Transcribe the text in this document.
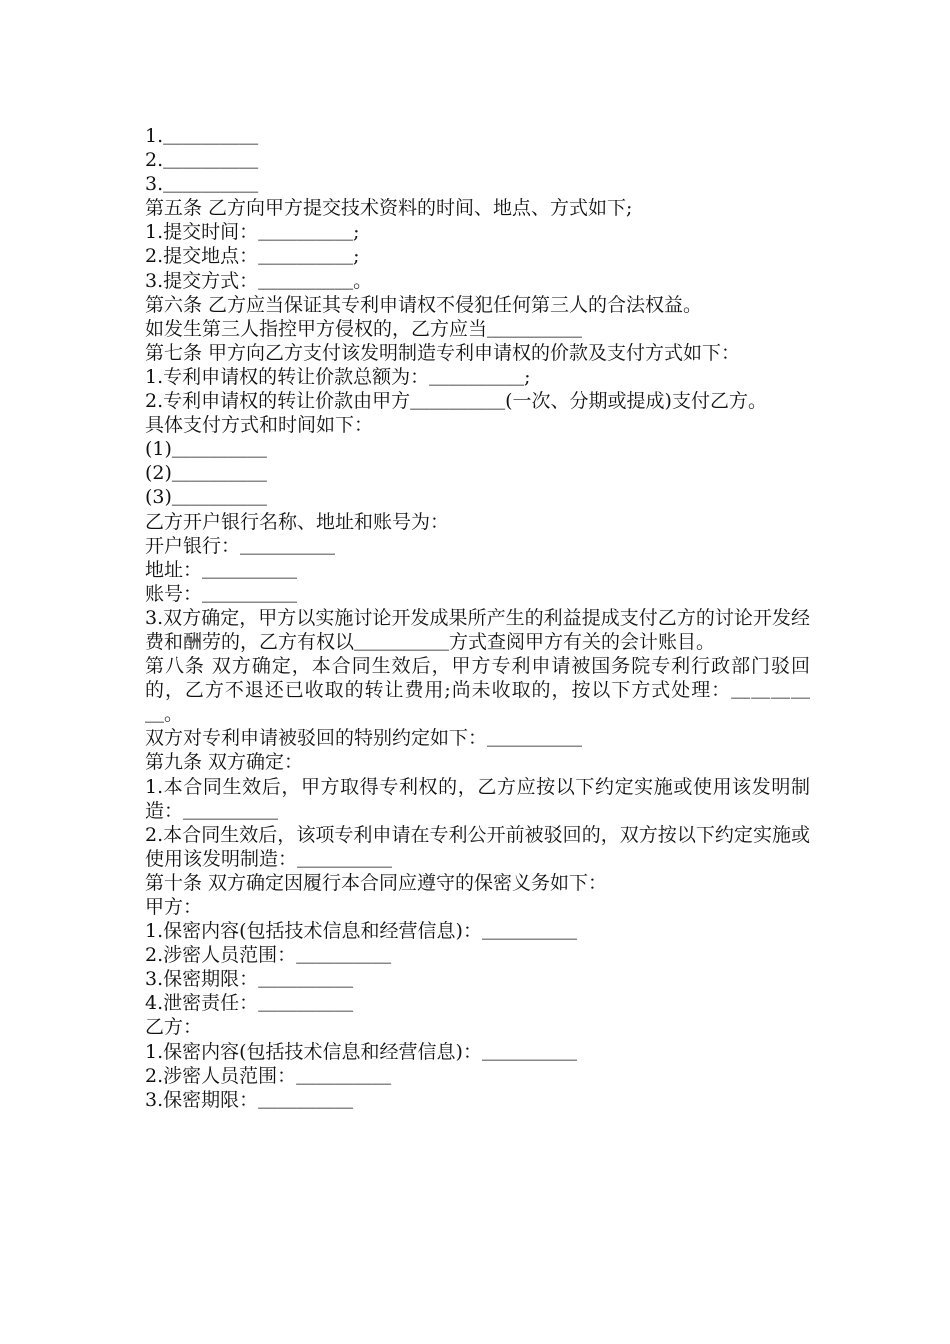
1.＿＿＿＿＿

2.＿＿＿＿＿

3.＿＿＿＿＿

第五条 乙方向甲方提交技术资料的时间、地点、方式如下;

1.提交时间：＿＿＿＿＿;

2.提交地点：＿＿＿＿＿;

3.提交方式：＿＿＿＿＿。

第六条 乙方应当保证其专利申请权不侵犯任何第三人的合法权益。

如发生第三人指控甲方侵权的，乙方应当＿＿＿＿＿

第七条 甲方向乙方支付该发明制造专利申请权的价款及支付方式如下：

1.专利申请权的转让价款总额为：＿＿＿＿＿;

2.专利申请权的转让价款由甲方＿＿＿＿＿(一次、分期或提成)支付乙方。

具体支付方式和时间如下：

(1)＿＿＿＿＿

(2)＿＿＿＿＿

(3)＿＿＿＿＿

乙方开户银行名称、地址和账号为：

开户银行：＿＿＿＿＿

地址：＿＿＿＿＿

账号：＿＿＿＿＿

3.双方确定，甲方以实施讨论开发成果所产生的利益提成支付乙方的讨论开发经费和酬劳的，乙方有权以＿＿＿＿＿方式查阅甲方有关的会计账目。

第八条 双方确定，本合同生效后，甲方专利申请被国务院专利行政部门驳回的，乙方不退还已收取的转让费用;尚未收取的，按以下方式处理：＿＿＿＿＿。

双方对专利申请被驳回的特别约定如下：＿＿＿＿＿

第九条 双方确定：

1.本合同生效后，甲方取得专利权的，乙方应按以下约定实施或使用该发明制造：＿＿＿＿＿

2.本合同生效后，该项专利申请在专利公开前被驳回的，双方按以下约定实施或使用该发明制造：＿＿＿＿＿

第十条 双方确定因履行本合同应遵守的保密义务如下：

甲方：

1.保密内容(包括技术信息和经营信息)：＿＿＿＿＿

2.涉密人员范围：＿＿＿＿＿

3.保密期限：＿＿＿＿＿

4.泄密责任：＿＿＿＿＿

乙方：

1.保密内容(包括技术信息和经营信息)：＿＿＿＿＿

2.涉密人员范围：＿＿＿＿＿

3.保密期限：＿＿＿＿＿
